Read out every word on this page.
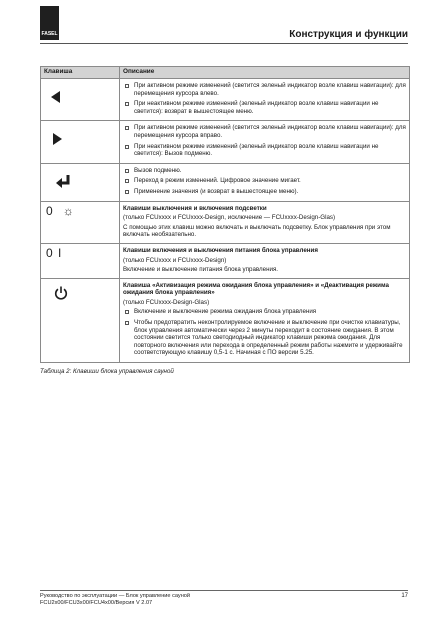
FASEL	Конструкция и функции
Клавиша	Описание

	При активном режиме изменений (светится зеленый индикатор возле клавиш навигации): для перемещения курсора влево.
При неактивном режиме изменений (зеленый индикатор возле клавиш навигации не светится): возврат в вышестоящее меню.

	При активном режиме изменений (светится зеленый индикатор возле клавиш навигации): для перемещения курсора вправо.
При неактивном режиме изменений (зеленый индикатор возле клавиш навигации не светится): Вызов подменю.

Вызов подменю.
Переход в режим изменений. Цифровое значение мигает.
Применение значения (и возврат в вышестоящее меню).

0 ☼	Клавиши выключения и включения подсветки
(только FCUxxxx и FCUxxxx-Design, исключение — FCUxxxx-Design-Glas)
С помощью этих клавиш можно включать и выключать подсветку. Блок управления при этом включать необязательно.

0 I	Клавиши включения и выключения питания блока управления
(только FCUxxxx и FCUxxxx-Design)
Включение и выключение питания блока управления.

Клавиша «Активизация режима ожидания блока управления» и «Деактивация режима ожидания блока управления»
(только FCUxxxx-Design-Glas)
Включение и выключение режима ожидания блока управления
Чтобы предотвратить неконтролируемое включение и выключение при очистке клавиатуры, блок управления автоматически через 2 минуты переходит в состояние ожидания. В этом состоянии светится только светодиодный индикатор клавиши режима ожидания. Для повторного включения или перехода в определенный режим работы нажмите и удерживайте соответствующую клавишу 0,5-1 с. Начиная с ПО версии 5.25.
Таблица 2: Клавиши блока управления сауной
Руководство по эксплуатации — Блок управление сауной
FCU2x00/FCU3x00/FCU4x00/Версия V 2.07
17
